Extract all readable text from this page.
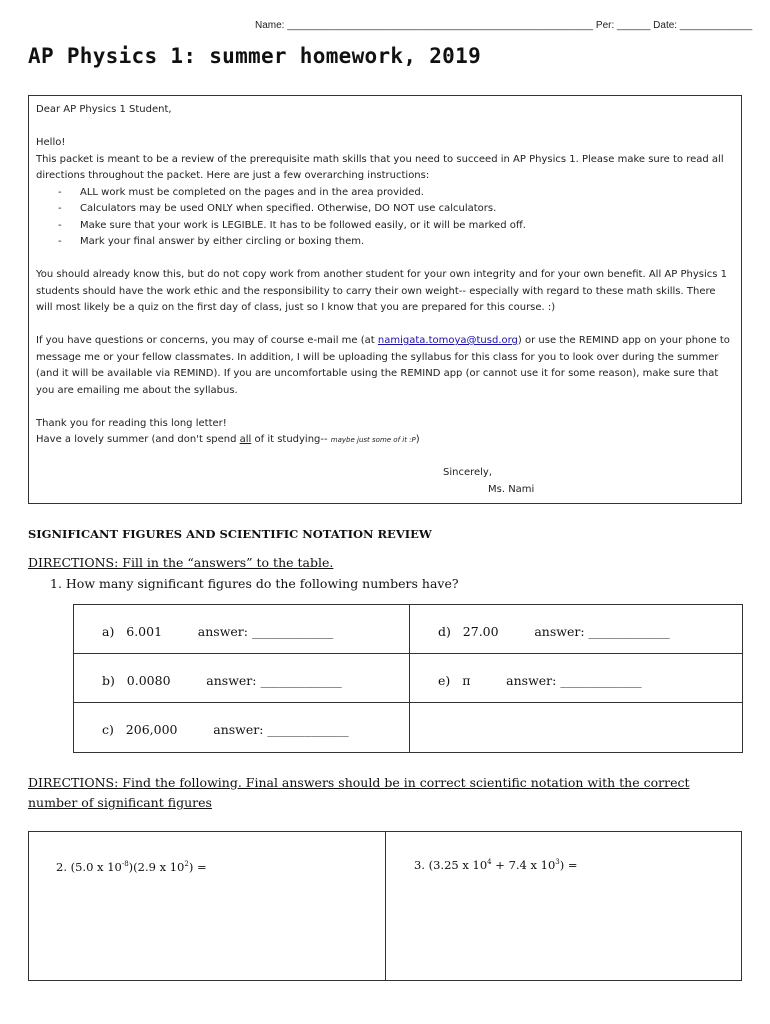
Name: _______________________________________________________ Per: ______ Date: _____________
AP Physics 1: summer homework, 2019

Dear AP Physics 1 Student,

Hello!

This packet is meant to be a review of the prerequisite math skills that you need to succeed in AP Physics 1. Please make sure to read all directions throughout the packet. Here are just a few overarching instructions:

-	ALL work must be completed on the pages and in the area provided.
-	Calculators may be used ONLY when specified. Otherwise, DO NOT use calculators.
-	Make sure that your work is LEGIBLE. It has to be followed easily, or it will be marked off.
-	Mark your final answer by either circling or boxing them.

You should already know this, but do not copy work from another student for your own integrity and for your own benefit. All AP Physics 1 students should have the work ethic and the responsibility to carry their own weight-- especially with regard to these math skills. There will most likely be a quiz on the first day of class, just so I know that you are prepared for this course. :)

If you have questions or concerns, you may of course e-mail me (at namigata.tomoya@tusd.org) or use the REMIND app on your phone to message me or your fellow classmates. In addition, I will be uploading the syllabus for this class for you to look over during the summer (and it will be available via REMIND). If you are uncomfortable using the REMIND app (or cannot use it for some reason), make sure that you are emailing me about the syllabus.

Thank you for reading this long letter!

Have a lovely summer (and don't spend all of it studying-- maybe just some of it :P)

Sincerely,

Ms. Nami

SIGNIFICANT FIGURES AND SCIENTIFIC NOTATION REVIEW
DIRECTIONS: Fill in the “answers” to the table.
1. How many significant figures do the following numbers have?
a)   6.001         answer: _____________	d)   27.00         answer: _____________
b)   0.0080         answer: _____________	e)   π         answer: _____________
c)   206,000         answer: _____________
DIRECTIONS: Find the following. Final answers should be in correct scientific notation with the correct number of significant figures
2. (5.0 x $10^{-8})(2.9$ x $10^2$) =	3. (3.25 x $10^4 + 7.4$ x $10^3$) =
